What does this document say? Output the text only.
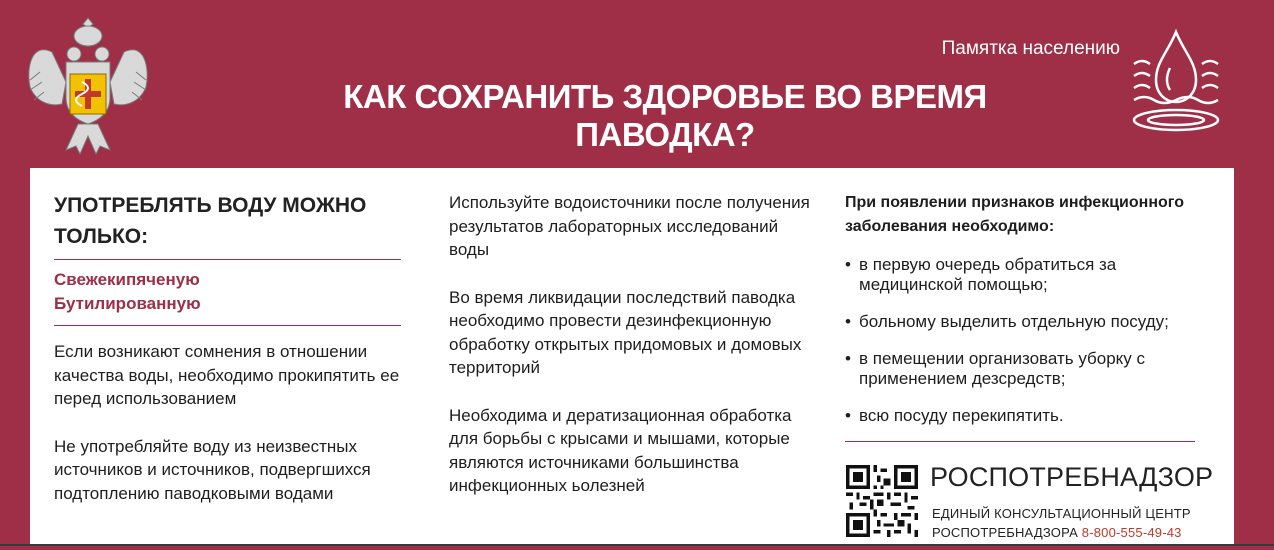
Памятка населению
КАК СОХРАНИТЬ ЗДОРОВЬЕ ВО ВРЕМЯ ПАВОДКА?

УПОТРЕБЛЯТЬ ВОДУ МОЖНО

ТОЛЬКО:

Свежекипяченую
Бутилированную

Если возникают сомнения в отношении качества воды, необходимо прокипятить ее перед использованием

Не употребляйте воду из неизвестных источников и источников, подвергшихся подтоплению паводковыми водами

Используйте водоисточники после получения результатов лабораторных исследований воды

Во время ликвидации последствий паводка необходимо провести дезинфекционную обработку открытых придомовых и домовых территорий

Необходима и дератизационная обработка для борьбы с крысами и мышами, которые являются источниками большинства инфекционных ьолезней

При появлении признаков инфекционного заболевания необходимо:
• в первую очередь обратиться за медицинской помощью;
• больному выделить отдельную посуду;
• в пемещении организовать уборку с применением дезсредств;
• всю посуду перекипятить.
РОСПОТРЕБНАДЗОР
ЕДИНЫЙ КОНСУЛЬТАЦИОННЫЙ ЦЕНТР
РОСПОТРЕБНАДЗОРА 8-800-555-49-43
